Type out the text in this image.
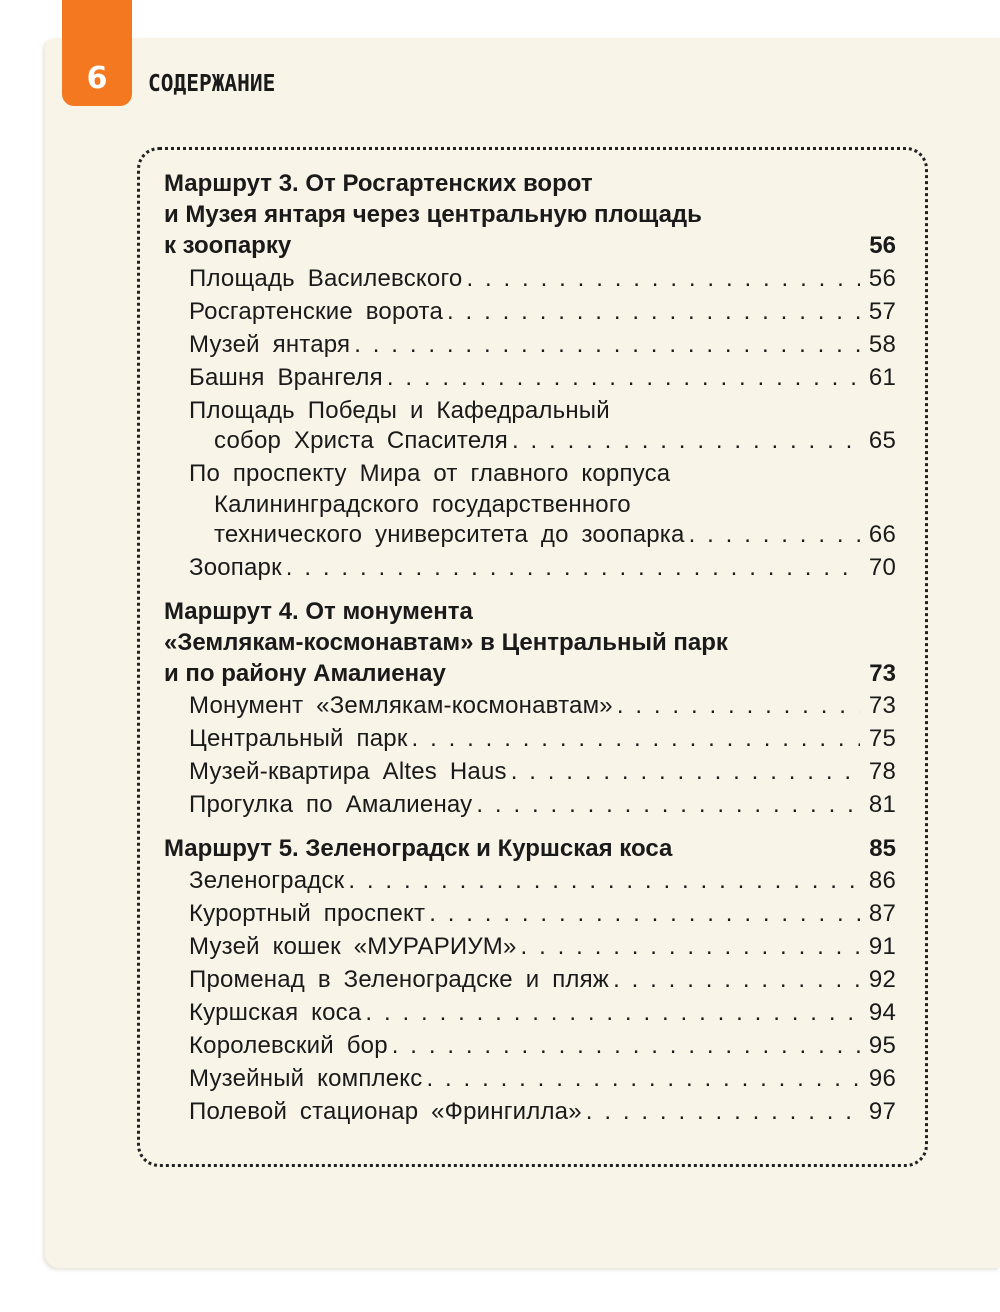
6 СОДЕРЖАНИЕ
Маршрут 3. От Росгартенских ворот
и Музея янтаря через центральную площадь
к зоопарку	56
Площадь Василевского . . .	56
Росгартенские ворота . . .	57
Музей янтаря . . .	58
Башня Врангеля . . .	61
Площадь Победы и Кафедральный
собор Христа Спасителя . . .	65
По проспекту Мира от главного корпуса
Калининградского государственного
технического университета до зоопарка . . .	66
Зоопарк . . .	70
Маршрут 4. От монумента
«Землякам-космонавтам» в Центральный парк
и по району Амалиенау	73
Монумент «Землякам-космонавтам» . . .	73
Центральный парк . . .	75
Музей-квартира Altes Haus . . .	78
Прогулка по Амалиенау . . .	81
Маршрут 5. Зеленоградск и Куршская коса	85
Зеленоградск . . .	86
Курортный проспект . . .	87
Музей кошек «МУРАРИУМ» . . .	91
Променад в Зеленоградске и пляж . . .	92
Куршская коса . . .	94
Королевский бор . . .	95
Музейный комплекс . . .	96
Полевой стационар «Фрингилла» . . .	97
